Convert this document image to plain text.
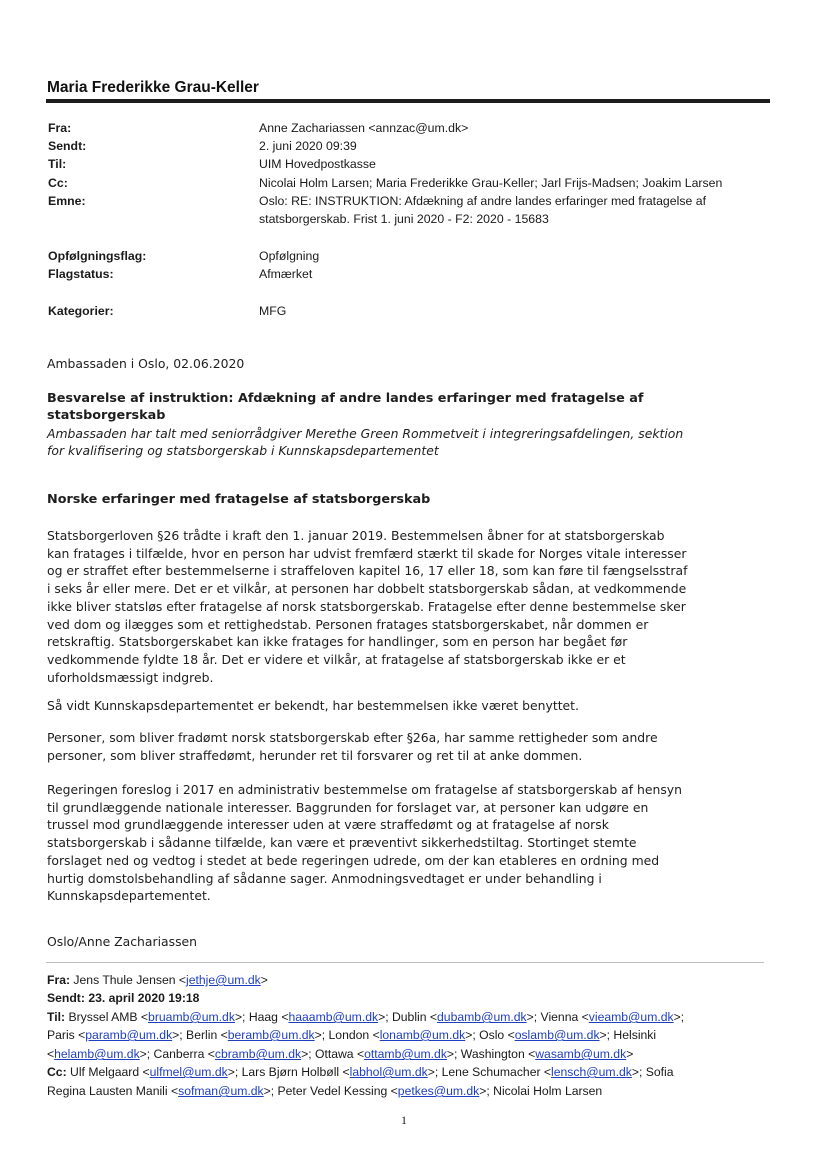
Maria Frederikke Grau-Keller
Fra:	Anne Zachariassen <annzac@um.dk>
Sendt:	2. juni 2020 09:39
Til:	UIM Hovedpostkasse
Cc:	Nicolai Holm Larsen; Maria Frederikke Grau-Keller; Jarl Frijs-Madsen; Joakim Larsen
Emne:	Oslo: RE: INSTRUKTION: Afdækning af andre landes erfaringer med fratagelse af
statsborgerskab. Frist 1. juni 2020 - F2: 2020 - 15683
Opfølgningsflag:	Opfølgning
Flagstatus:	Afmærket
Kategorier:	MFG
Ambassaden i Oslo, 02.06.2020
Besvarelse af instruktion: Afdækning af andre landes erfaringer med fratagelse af
statsborgerskab
Ambassaden har talt med seniorrådgiver Merethe Green Rommetveit i integreringsafdelingen, sektion
for kvalifisering og statsborgerskab i Kunnskapsdepartementet
Norske erfaringer med fratagelse af statsborgerskab
Statsborgerloven §26 trådte i kraft den 1. januar 2019. Bestemmelsen åbner for at statsborgerskab
kan fratages i tilfælde, hvor en person har udvist fremfærd stærkt til skade for Norges vitale interesser
og er straffet efter bestemmelserne i straffeloven kapitel 16, 17 eller 18, som kan føre til fængselsstraf
i seks år eller mere. Det er et vilkår, at personen har dobbelt statsborgerskab sådan, at vedkommende
ikke bliver statsløs efter fratagelse af norsk statsborgerskab. Fratagelse efter denne bestemmelse sker
ved dom og ilægges som et rettighedstab. Personen fratages statsborgerskabet, når dommen er
retskraftig. Statsborgerskabet kan ikke fratages for handlinger, som en person har begået før
vedkommende fyldte 18 år. Det er videre et vilkår, at fratagelse af statsborgerskab ikke er et
uforholdsmæssigt indgreb.
Så vidt Kunnskapsdepartementet er bekendt, har bestemmelsen ikke været benyttet.
Personer, som bliver fradømt norsk statsborgerskab efter §26a, har samme rettigheder som andre
personer, som bliver straffedømt, herunder ret til forsvarer og ret til at anke dommen.
Regeringen foreslog i 2017 en administrativ bestemmelse om fratagelse af statsborgerskab af hensyn
til grundlæggende nationale interesser. Baggrunden for forslaget var, at personer kan udgøre en
trussel mod grundlæggende interesser uden at være straffedømt og at fratagelse af norsk
statsborgerskab i sådanne tilfælde, kan være et præventivt sikkerhedstiltag. Stortinget stemte
forslaget ned og vedtog i stedet at bede regeringen udrede, om der kan etableres en ordning med
hurtig domstolsbehandling af sådanne sager. Anmodningsvedtaget er under behandling i
Kunnskapsdepartementet.
Oslo/Anne Zachariassen
Fra: Jens Thule Jensen <jethje@um.dk>
Sendt: 23. april 2020 19:18
Til: Bryssel AMB <bruamb@um.dk>; Haag <haaamb@um.dk>; Dublin <dubamb@um.dk>; Vienna <vieamb@um.dk>;
Paris <paramb@um.dk>; Berlin <beramb@um.dk>; London <lonamb@um.dk>; Oslo <oslamb@um.dk>; Helsinki
<helamb@um.dk>; Canberra <cbramb@um.dk>; Ottawa <ottamb@um.dk>; Washington <wasamb@um.dk>
Cc: Ulf Melgaard <ulfmel@um.dk>; Lars Bjørn Holbøll <labhol@um.dk>; Lene Schumacher <lensch@um.dk>; Sofia
Regina Lausten Manili <sofman@um.dk>; Peter Vedel Kessing <petkes@um.dk>; Nicolai Holm Larsen
1
